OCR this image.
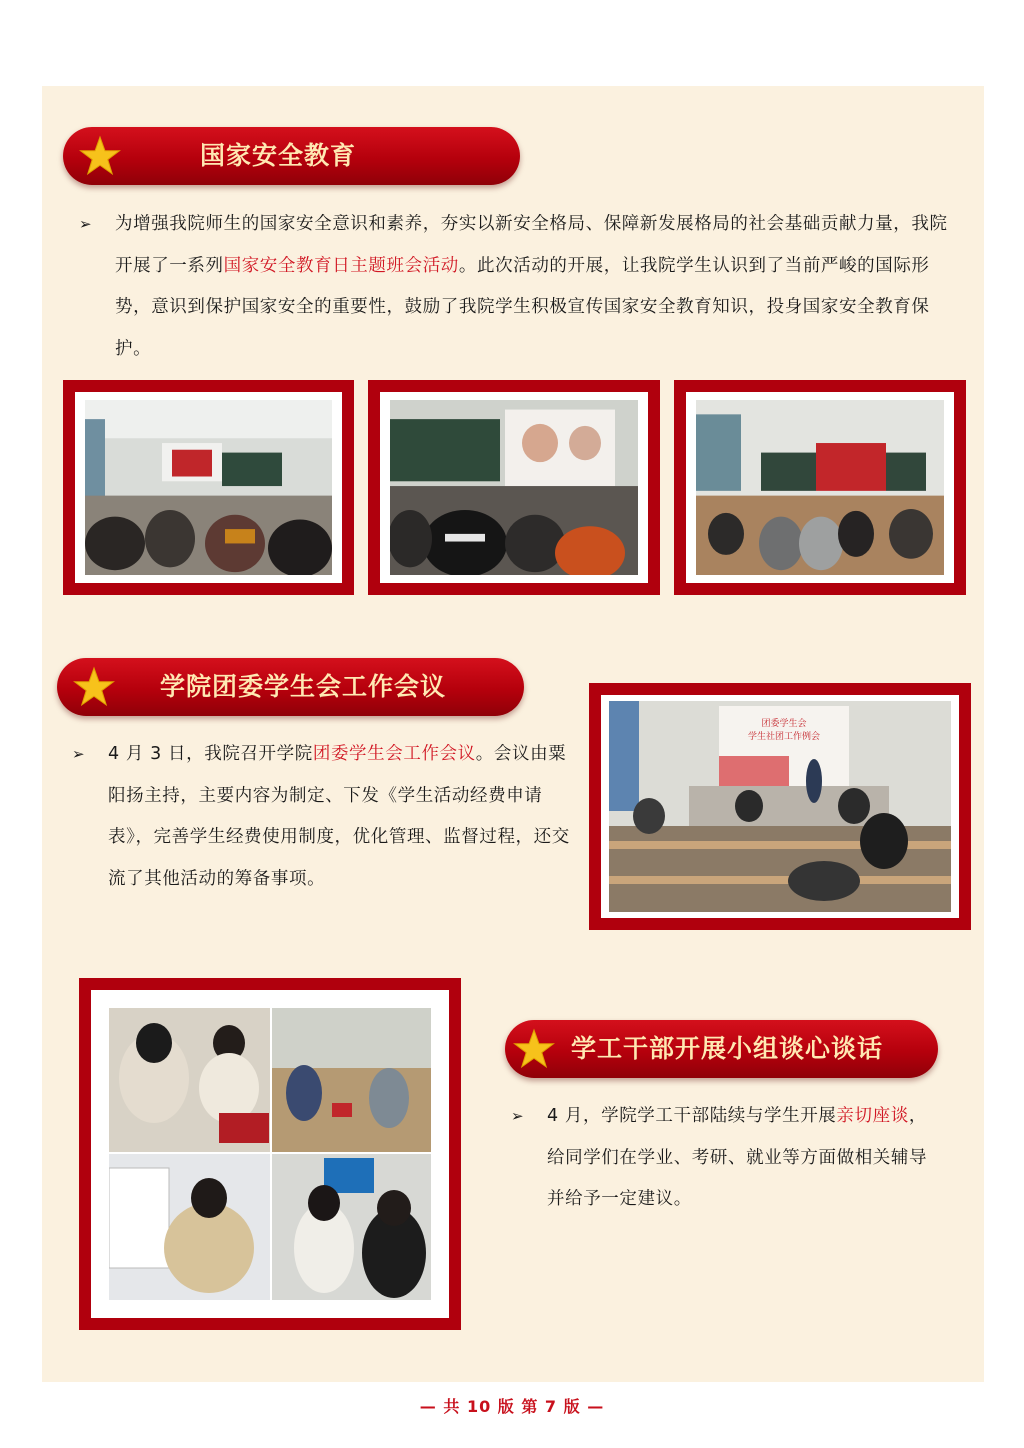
国家安全教育
➢ 为增强我院师生的国家安全意识和素养，夯实以新安全格局、保障新发展格局的社会基础贡献力量，我院开展了一系列国家安全教育日主题班会活动。此次活动的开展，让我院学生认识到了当前严峻的国际形势，意识到保护国家安全的重要性，鼓励了我院学生积极宣传国家安全教育知识，投身国家安全教育保护。
学院团委学生会工作会议
➢ 4 月 3 日，我院召开学院团委学生会工作会议。会议由粟阳扬主持，主要内容为制定、下发《学生活动经费申请表》，完善学生经费使用制度，优化管理、监督过程，还交流了其他活动的筹备事项。
团委学生会
学生社团工作例会
学工干部开展小组谈心谈话
➢ 4 月，学院学工干部陆续与学生开展亲切座谈，给同学们在学业、考研、就业等方面做相关辅导并给予一定建议。
— 共 10 版 第 7 版 —
